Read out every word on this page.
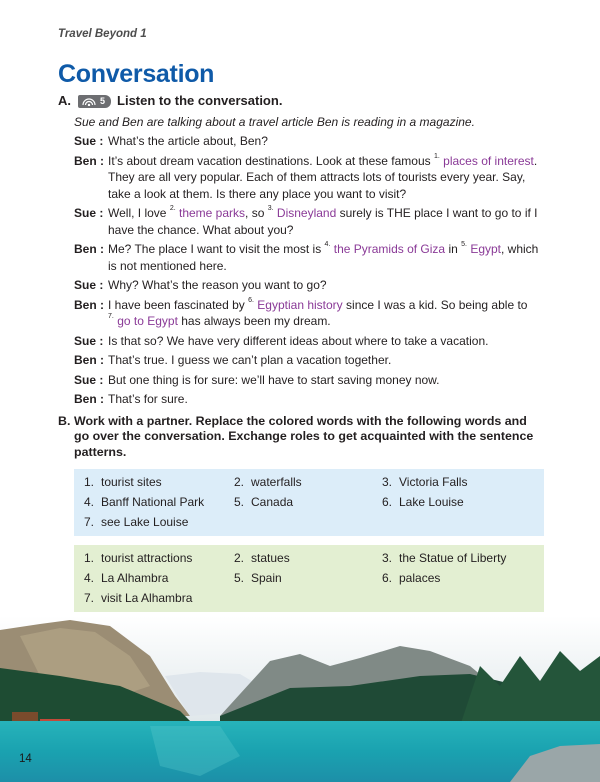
Travel Beyond 1
Conversation
A.	5 Listen to the conversation.
Sue and Ben are talking about a travel article Ben is reading in a magazine.
Sue : What’s the article about, Ben?
Ben : It’s about dream vacation destinations. Look at these famous $^{1.}$ places of interest. They are all very popular. Each of them attracts lots of tourists every year. Say, take a look at them. Is there any place you want to visit?
Sue : Well, I love $^{2.}$ theme parks, so $^{3.}$ Disneyland surely is THE place I want to go to if I have the chance. What about you?
Ben : Me? The place I want to visit the most is $^{4.}$ the Pyramids of Giza in $^{5.}$ Egypt, which is not mentioned here.
Sue : Why? What’s the reason you want to go?
Ben : I have been fascinated by $^{6.}$ Egyptian history since I was a kid. So being able to $^{7.}$ go to Egypt has always been my dream.
Sue : Is that so? We have very different ideas about where to take a vacation.
Ben : That’s true. I guess we can’t plan a vacation together.
Sue : But one thing is for sure: we’ll have to start saving money now.
Ben : That’s for sure.
B. Work with a partner. Replace the colored words with the following words and go over the conversation. Exchange roles to get acquainted with the sentence patterns.
1. tourist sites	2. waterfalls	3. Victoria Falls
4. Banff National Park	5. Canada	6. Lake Louise
7. see Lake Louise
1. tourist attractions	2. statues	3. the Statue of Liberty
4. La Alhambra	5. Spain	6. palaces
7. visit La Alhambra
14
